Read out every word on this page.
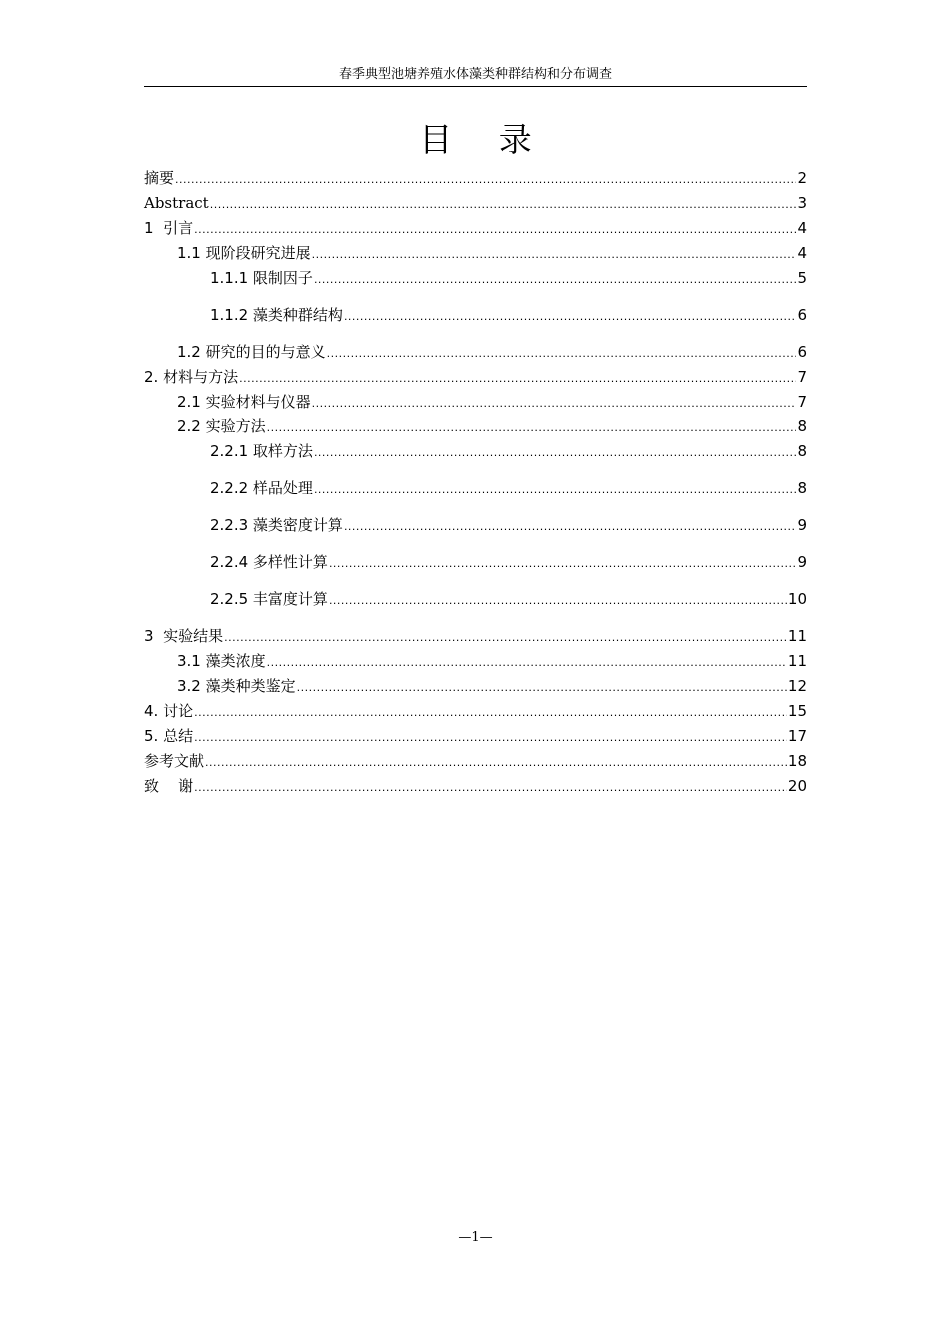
春季典型池塘养殖水体藻类种群结构和分布调查
目 录
摘要 .....	2
Abstract .....	3
1  引言 .....	4
1.1 现阶段研究进展 .....	4
1.1.1 限制因子 .....	5
1.1.2 藻类种群结构 .....	6
1.2 研究的目的与意义 .....	6
2. 材料与方法 .....	7
2.1 实验材料与仪器 .....	7
2.2 实验方法 .....	8
2.2.1 取样方法 .....	8
2.2.2 样品处理 .....	8
2.2.3 藻类密度计算 .....	9
2.2.4 多样性计算 .....	9
2.2.5 丰富度计算 .....	10
3  实验结果 .....	11
3.1 藻类浓度 .....	11
3.2 藻类种类鉴定 .....	12
4. 讨论 .....	15
5. 总结 .....	17
参考文献 .....	18
致    谢 .....	20
—1—
